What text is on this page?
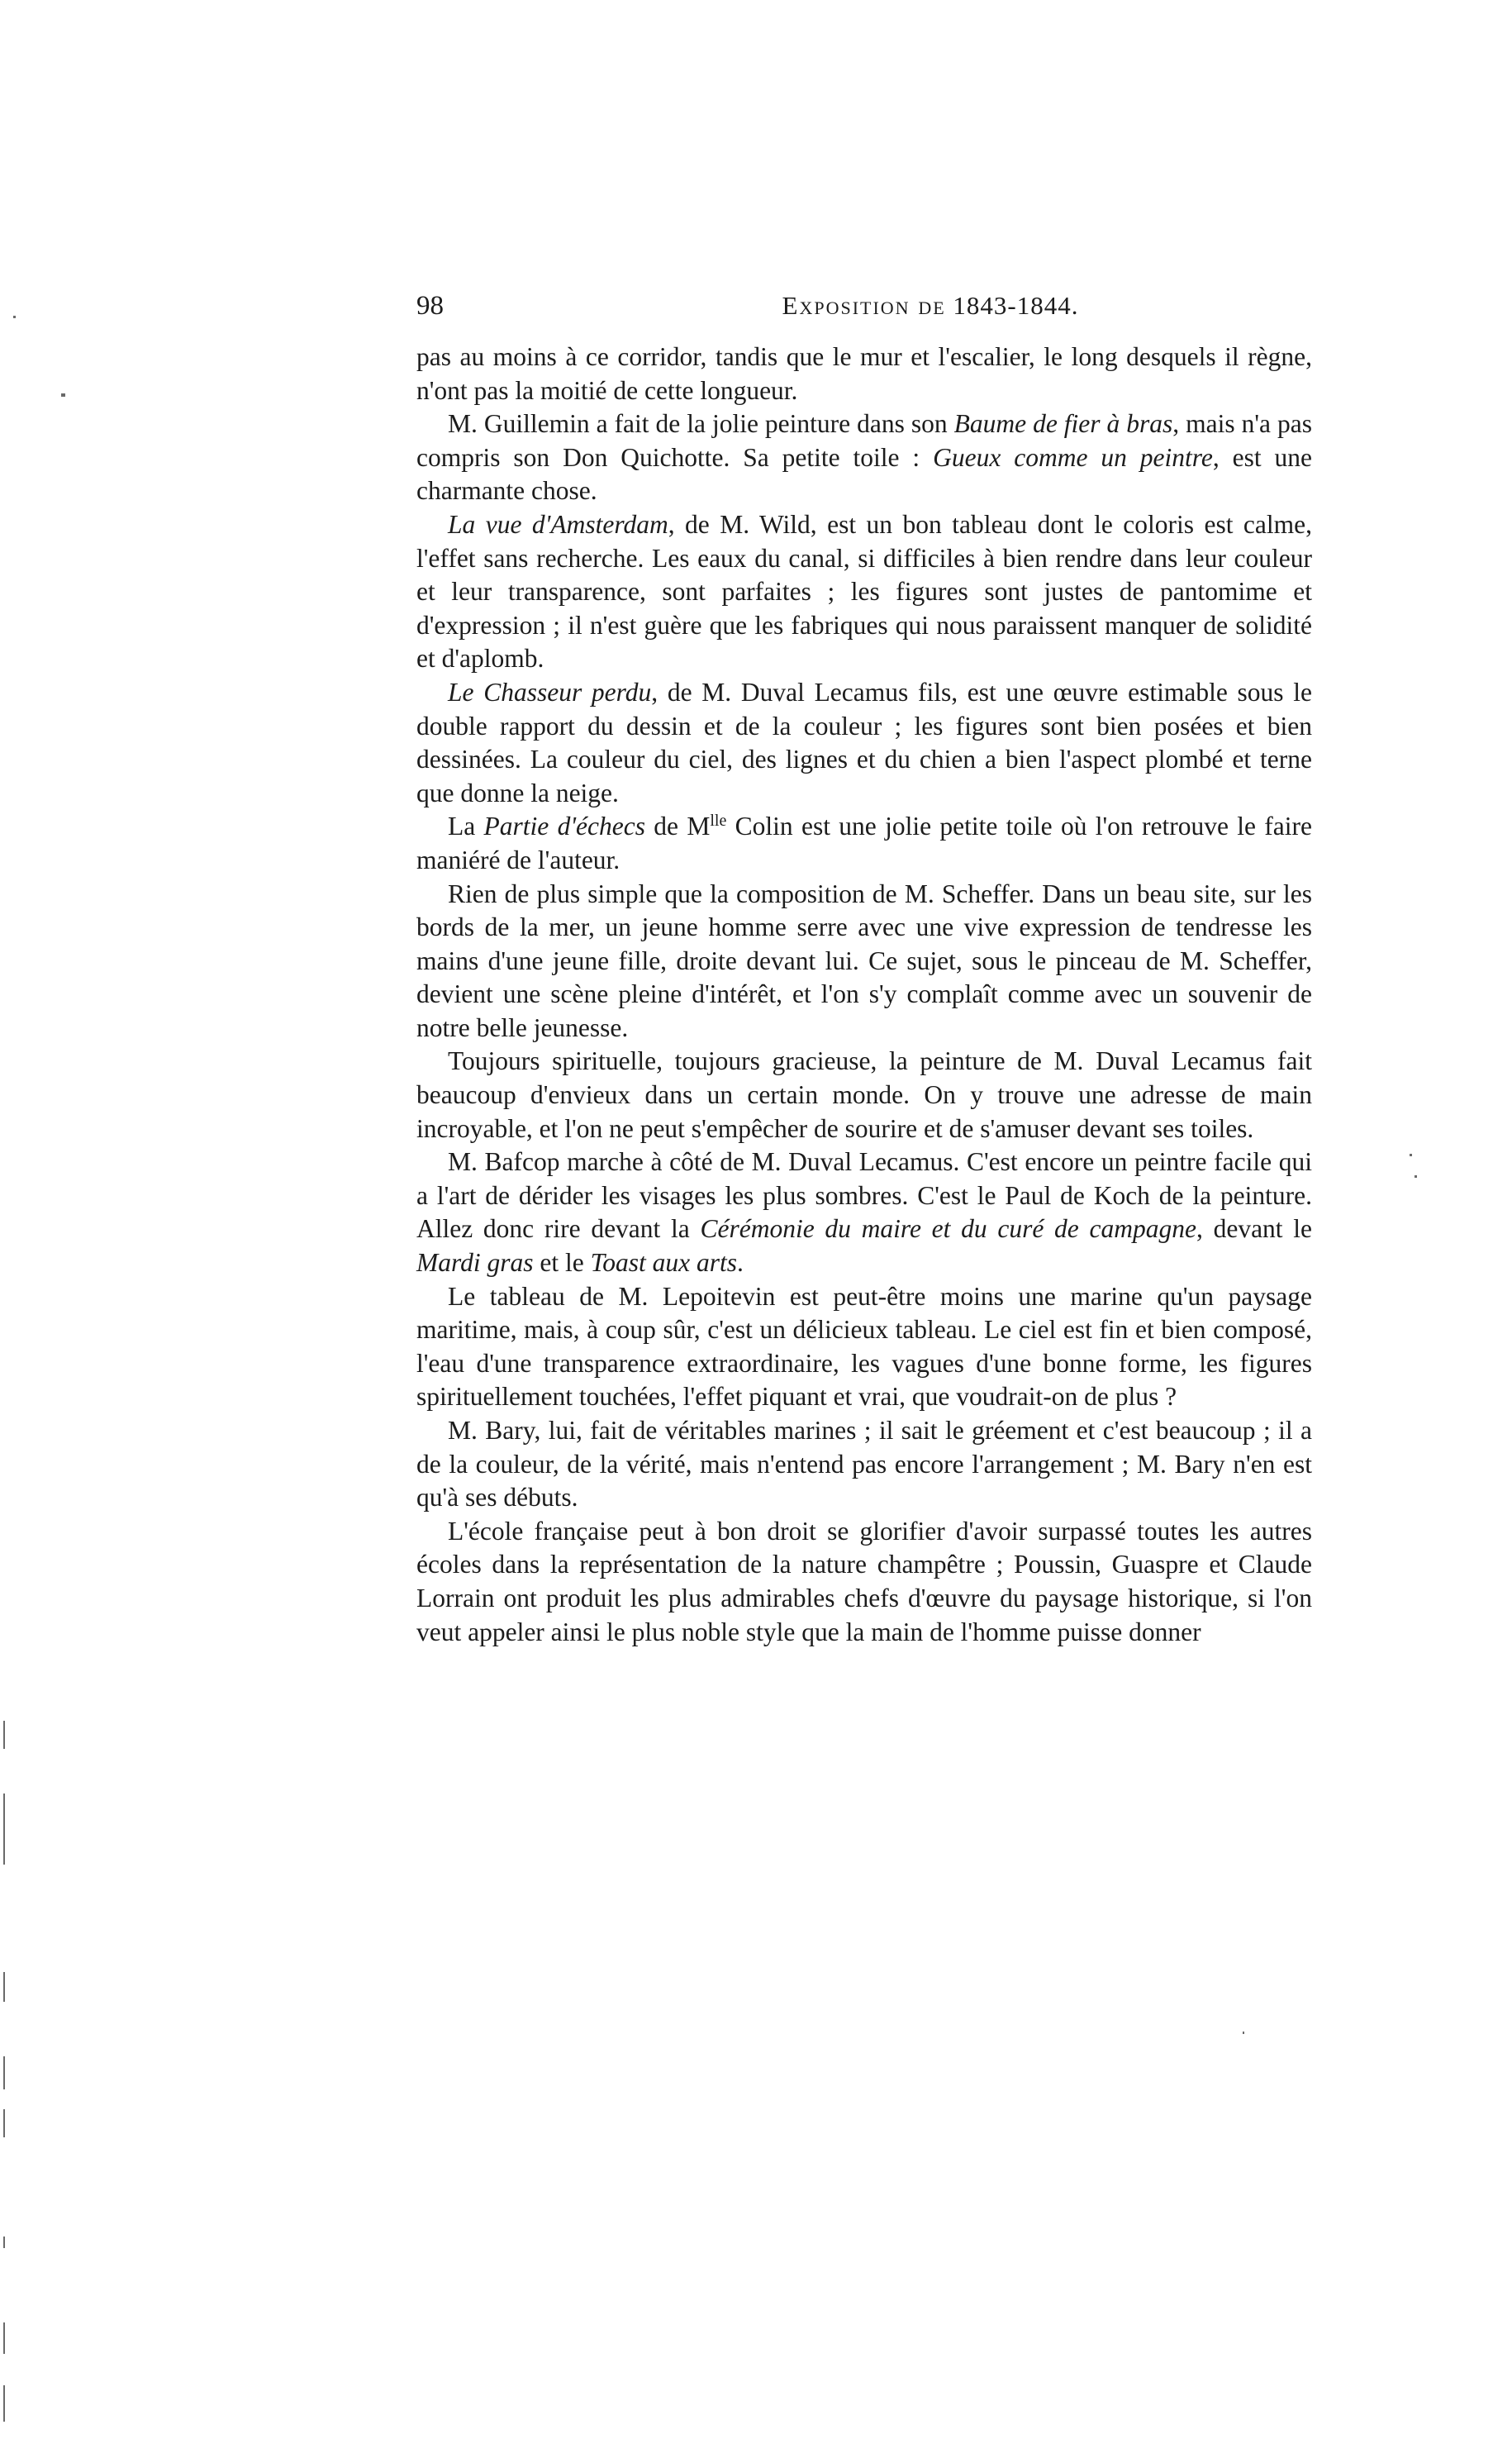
98	Exposition de 1843-1844.

pas au moins à ce corridor, tandis que le mur et l'escalier, le long desquels il règne, n'ont pas la moitié de cette longueur.

M. Guillemin a fait de la jolie peinture dans son Baume de fier à bras, mais n'a pas compris son Don Quichotte. Sa petite toile : Gueux comme un peintre, est une charmante chose.

La vue d'Amsterdam, de M. Wild, est un bon tableau dont le coloris est calme, l'effet sans recherche. Les eaux du canal, si difficiles à bien rendre dans leur couleur et leur transparence, sont parfaites ; les figures sont justes de pantomime et d'expression ; il n'est guère que les fabriques qui nous paraissent manquer de solidité et d'aplomb.

Le Chasseur perdu, de M. Duval Lecamus fils, est une œuvre estimable sous le double rapport du dessin et de la couleur ; les figures sont bien posées et bien dessinées. La couleur du ciel, des lignes et du chien a bien l'aspect plombé et terne que donne la neige.

La Partie d'échecs de $M^{lle}$ Colin est une jolie petite toile où l'on retrouve le faire maniéré de l'auteur.

Rien de plus simple que la composition de M. Scheffer. Dans un beau site, sur les bords de la mer, un jeune homme serre avec une vive expression de tendresse les mains d'une jeune fille, droite devant lui. Ce sujet, sous le pinceau de M. Scheffer, devient une scène pleine d'intérêt, et l'on s'y complaît comme avec un souvenir de notre belle jeunesse.

Toujours spirituelle, toujours gracieuse, la peinture de M. Duval Lecamus fait beaucoup d'envieux dans un certain monde. On y trouve une adresse de main incroyable, et l'on ne peut s'empêcher de sourire et de s'amuser devant ses toiles.

M. Bafcop marche à côté de M. Duval Lecamus. C'est encore un peintre facile qui a l'art de dérider les visages les plus sombres. C'est le Paul de Koch de la peinture. Allez donc rire devant la Cérémonie du maire et du curé de campagne, devant le Mardi gras et le Toast aux arts.

Le tableau de M. Lepoitevin est peut-être moins une marine qu'un paysage maritime, mais, à coup sûr, c'est un délicieux tableau. Le ciel est fin et bien composé, l'eau d'une transparence extraordinaire, les vagues d'une bonne forme, les figures spirituellement touchées, l'effet piquant et vrai, que voudrait-on de plus ?

M. Bary, lui, fait de véritables marines ; il sait le gréement et c'est beaucoup ; il a de la couleur, de la vérité, mais n'entend pas encore l'arrangement ; M. Bary n'en est qu'à ses débuts.

L'école française peut à bon droit se glorifier d'avoir surpassé toutes les autres écoles dans la représentation de la nature champêtre ; Poussin, Guaspre et Claude Lorrain ont produit les plus admirables chefs d'œuvre du paysage historique, si l'on veut appeler ainsi le plus noble style que la main de l'homme puisse donner
